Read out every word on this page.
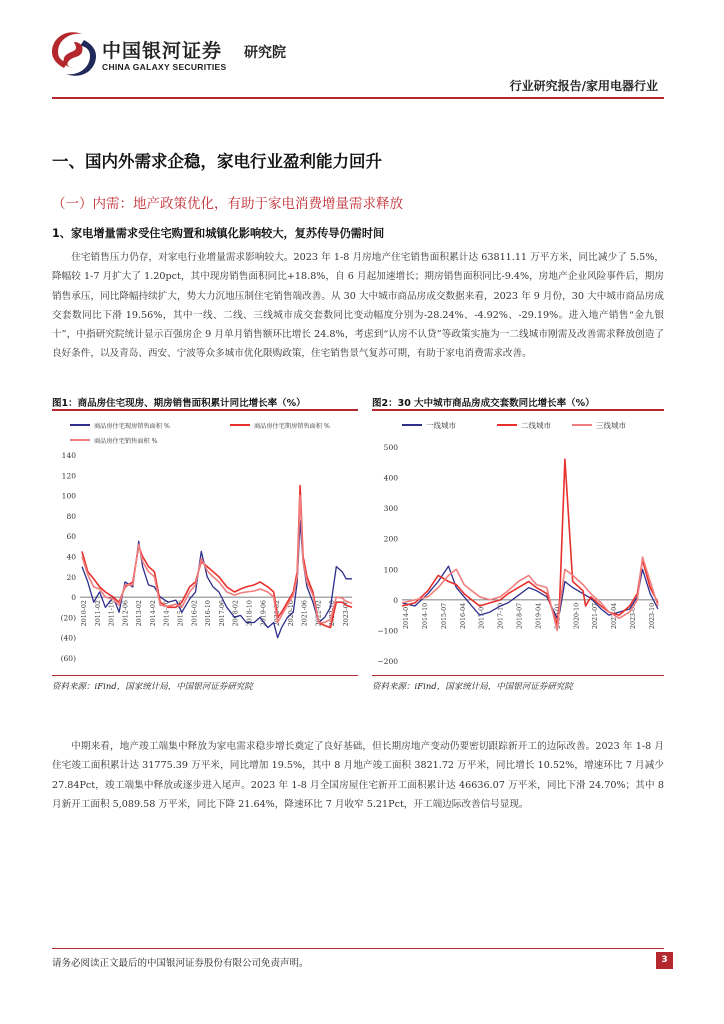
中国银河证券
CHINA GALAXY SECURITIES
研究院
行业研究报告/家用电器行业
一、国内外需求企稳，家电行业盈利能力回升
（一）内需：地产政策优化，有助于家电消费增量需求释放
1、家电增量需求受住宅购置和城镇化影响较大，复苏传导仍需时间

住宅销售压力仍存，对家电行业增量需求影响较大。2023 年 1-8 月房地产住宅销售面积累计达 63811.11 万平方米，同比减少了 5.5%，降幅较 1-7 月扩大了 1.20pct，其中现房销售面积同比+18.8%，自 6 月起加速增长；期房销售面积同比-9.4%，房地产企业风险事件后，期房销售承压，同比降幅持续扩大，势大力沉地压制住宅销售端改善。从 30 大中城市商品房成交数据来看，2023 年 9 月份，30 大中城市商品房成交套数同比下滑 19.56%，其中一线、二线、三线城市成交套数同比变动幅度分别为-28.24%、-4.92%、-29.19%。进入地产销售“金九银十”，中指研究院统计显示百强房企 9 月单月销售额环比增长 24.8%，考虑到“认房不认贷”等政策实施为一二线城市刚需及改善需求释放创造了良好条件，以及青岛、西安、宁波等众多城市优化限购政策，住宅销售景气复苏可期，有助于家电消费需求改善。

图1：商品房住宅现房、期房销售面积累计同比增长率（%）
商品房住宅现房销售面积 %	商品房住宅期房销售面积 %
商品房住宅销售面积 %
140
120
100
80
60
40
20
0
(20)
(40)
(60)
2010-02 2011-02 2011-10 2012-06 2013-02 2014-02 2014-10 2015-06 2016-02 2016-10 2017-06 2018-02 2018-10 2019-06 2020-02 2020-10 2021-06 2022-02 2022-10 2023-06
资料来源：iFind，国家统计局，中国银河证券研究院
图2：30 大中城市商品房成交套数同比增长率（%）
一线城市	二线城市	三线城市
500
400
300
200
100
0
−100
−200
2014-01 2014-10 2015-07 2016-04 2017-01 2017-10 2018-07 2019-04 2020-01 2020-10 2021-07 2022-04 2023-01 2023-10
资料来源：iFind，国家统计局，中国银河证券研究院

中期来看，地产竣工端集中释放为家电需求稳步增长奠定了良好基础，但长期房地产变动仍要密切跟踪新开工的边际改善。2023 年 1-8 月住宅竣工面积累计达 31775.39 万平米，同比增加 19.5%，其中 8 月地产竣工面积 3821.72 万平米，同比增长 10.52%，增速环比 7 月减少 27.84Pct，竣工端集中释放或逐步进入尾声。2023 年 1-8 月全国房屋住宅新开工面积累计达 46636.07 万平米，同比下滑 24.70%；其中 8 月新开工面积 5,089.58 万平米，同比下降 21.64%，降速环比 7 月收窄 5.21Pct，开工端边际改善信号显现。

请务必阅读正文最后的中国银河证券股份有限公司免责声明。	3
